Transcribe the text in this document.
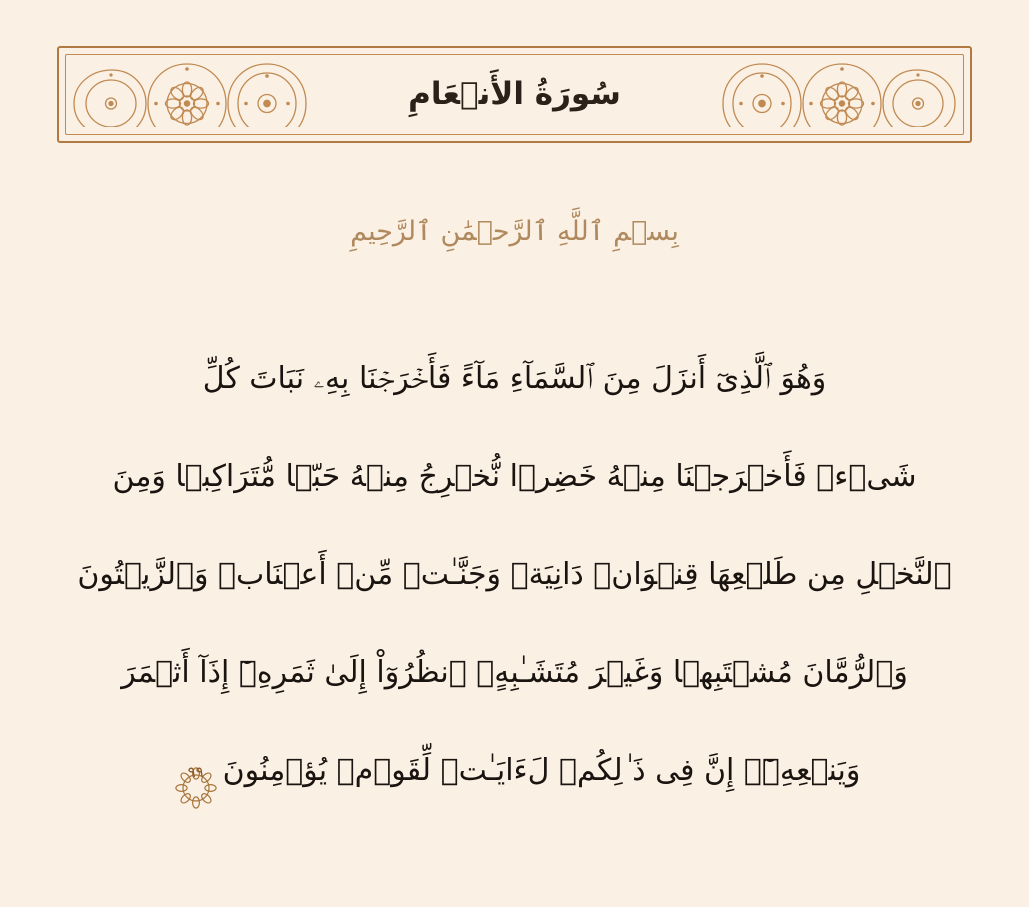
سُورَةُ الأَنۡعَامِ
بِسۡمِ ٱللَّهِ ٱلرَّحۡمَٰنِ ٱلرَّحِيمِ
وَهُوَ ٱلَّذِىٓ أَنزَلَ مِنَ ٱلسَّمَآءِ مَآءً فَأَخۡرَجۡنَا بِهِۦ نَبَاتَ كُلِّ
شَىۡءࣲ فَأَخۡرَجۡنَا مِنۡهُ خَضِرࣰا نُّخۡرِجُ مِنۡهُ حَبࣰّا مُّتَرَاكِبࣰا وَمِنَ
ٱلنَّخۡلِ مِن طَلۡعِهَا قِنۡوَانࣱ دَانِيَةࣱ وَجَنَّـٰتࣲ مِّنۡ أَعۡنَابࣲ وَٱلزَّيۡتُونَ
وَٱلرُّمَّانَ مُشۡتَبِهࣰا وَغَيۡرَ مُتَشَـٰبِهٍۗ ٱنظُرُوٓاْ إِلَىٰ ثَمَرِهِۦٓ إِذَآ أَثۡمَرَ
وَيَنۡعِهِۦٓۚ إِنَّ فِى ذَ ٰ⁠لِكُمۡ لَءَايَـٰتࣲ لِّقَوۡمࣲ يُؤۡمِنُونَ
٩٩
